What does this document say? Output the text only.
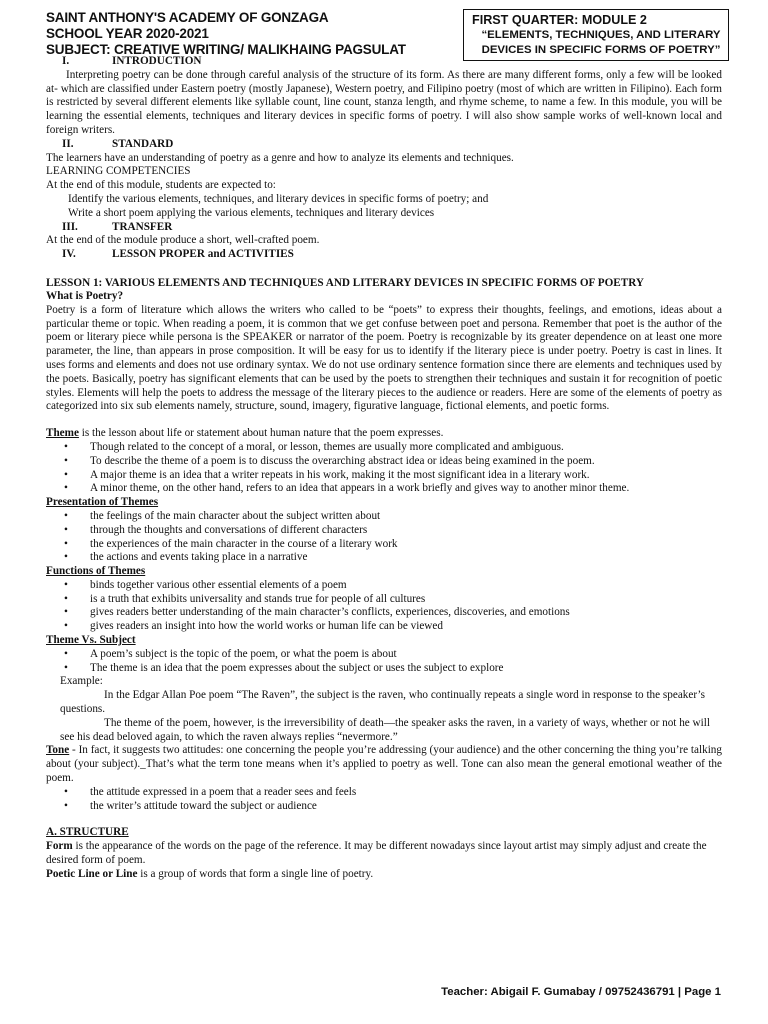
SAINT ANTHONY'S ACADEMY OF GONZAGA
SCHOOL YEAR 2020-2021
SUBJECT: CREATIVE WRITING/ MALIKHAING PAGSULAT
FIRST QUARTER: MODULE 2
“ELEMENTS, TECHNIQUES, AND LITERARY
DEVICES IN SPECIFIC FORMS OF POETRY”

I.	INTRODUCTION

Interpreting poetry can be done through careful analysis of the structure of its form. As there are many different forms, only a few will be looked at- which are classified under Eastern poetry (mostly Japanese), Western poetry, and Filipino poetry (most of which are written in Filipino). Each form is restricted by several different elements like syllable count, line count, stanza length, and rhyme scheme, to name a few. In this module, you will be learning the essential elements, techniques and literary devices in specific forms of poetry. I will also show sample works of well-known local and foreign writers.

II.	STANDARD

The learners have an understanding of poetry as a genre and how to analyze its elements and techniques.

LEARNING COMPETENCIES

At the end of this module, students are expected to:

Identify the various elements, techniques, and literary devices in specific forms of poetry; and

Write a short poem applying the various elements, techniques and literary devices

III.	TRANSFER

At the end of the module produce a short, well-crafted poem.

IV.	LESSON PROPER and ACTIVITIES

LESSON 1: VARIOUS ELEMENTS AND TECHNIQUES AND LITERARY DEVICES IN SPECIFIC FORMS OF POETRY

What is Poetry?

Poetry is a form of literature which allows the writers who called to be “poets” to express their thoughts, feelings, and emotions, ideas about a particular theme or topic. When reading a poem, it is common that we get confuse between poet and persona. Remember that poet is the author of the poem or literary piece while persona is the SPEAKER or narrator of the poem. Poetry is recognizable by its greater dependence on at least one more parameter, the line, than appears in prose composition. It will be easy for us to identify if the literary piece is under poetry. Poetry is cast in lines. It uses forms and elements and does not use ordinary syntax. We do not use ordinary sentence formation since there are elements and techniques used by the poets. Basically, poetry has significant elements that can be used by the poets to strengthen their techniques and sustain it for recognition of poetic styles. Elements will help the poets to address the message of the literary pieces to the audience or readers. Here are some of the elements of poetry as categorized into six sub elements namely, structure, sound, imagery, figurative language, fictional elements, and poetic forms.

Theme is the lesson about life or statement about human nature that the poem expresses.

• Though related to the concept of a moral, or lesson, themes are usually more complicated and ambiguous.
• To describe the theme of a poem is to discuss the overarching abstract idea or ideas being examined in the poem.
• A major theme is an idea that a writer repeats in his work, making it the most significant idea in a literary work.
• A minor theme, on the other hand, refers to an idea that appears in a work briefly and gives way to another minor theme.

Presentation of Themes

• the feelings of the main character about the subject written about
• through the thoughts and conversations of different characters
• the experiences of the main character in the course of a literary work
• the actions and events taking place in a narrative

Functions of Themes

• binds together various other essential elements of a poem
• is a truth that exhibits universality and stands true for people of all cultures
• gives readers better understanding of the main character’s conflicts, experiences, discoveries, and emotions
• gives readers an insight into how the world works or human life can be viewed

Theme Vs. Subject

• A poem’s subject is the topic of the poem, or what the poem is about
• The theme is an idea that the poem expresses about the subject or uses the subject to explore

Example:

In the Edgar Allan Poe poem “The Raven”, the subject is the raven, who continually repeats a single word in response to the speaker’s questions.

The theme of the poem, however, is the irreversibility of death—the speaker asks the raven, in a variety of ways, whether or not he will see his dead beloved again, to which the raven always replies “nevermore.”

Tone - In fact, it suggests two attitudes: one concerning the people you’re addressing (your audience) and the other concerning the thing you’re talking about (your subject)._That’s what the term tone means when it’s applied to poetry as well. Tone can also mean the general emotional weather of the poem.

• the attitude expressed in a poem that a reader sees and feels
• the writer’s attitude toward the subject or audience

A. STRUCTURE

Form is the appearance of the words on the page of the reference. It may be different nowadays since layout artist may simply adjust and create the desired form of poem.

Poetic Line or Line is a group of words that form a single line of poetry.

Teacher: Abigail F. Gumabay / 09752436791 | Page 1
